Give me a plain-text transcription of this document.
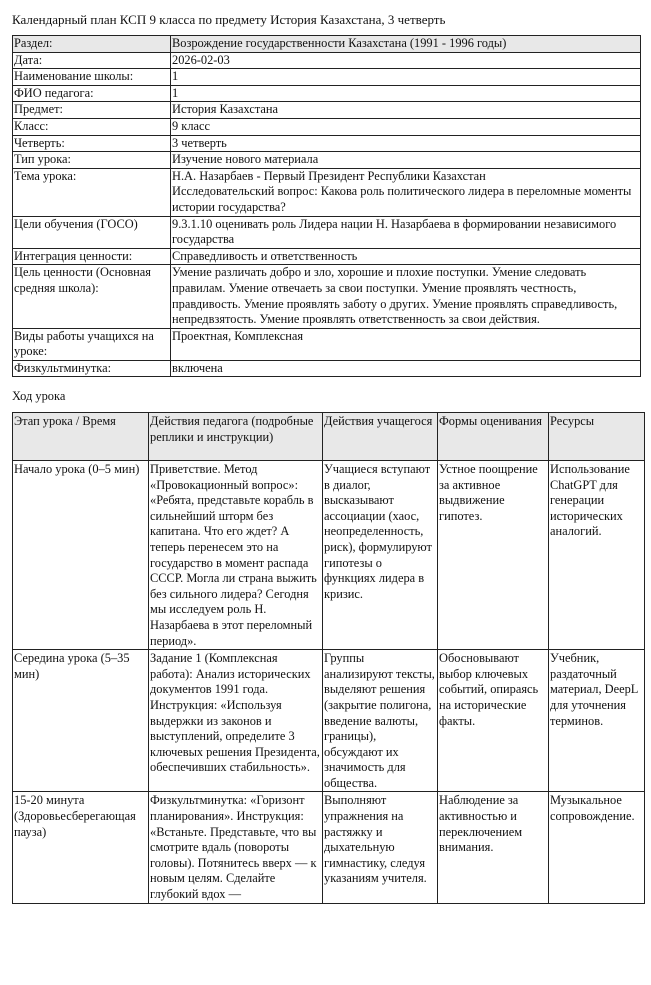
Календарный план КСП 9 класса по предмету История Казахстана, 3 четверть
Раздел:	Возрождение государственности Казахстана (1991 - 1996 годы)
Дата:	2026-02-03
Наименование школы:	1
ФИО педагога:	1
Предмет:	История Казахстана
Класс:	9 класс
Четверть:	3 четверть
Тип урока:	Изучение нового материала
Тема урока:	Н.А. Назарбаев - Первый Президент Республики Казахстан
Исследовательский вопрос: Какова роль политического лидера в переломные моменты истории государства?
Цели обучения (ГОСО)	9.3.1.10 оценивать роль Лидера нации Н. Назарбаева в формировании независимого государства
Интеграция ценности:	Справедливость и ответственность
Цель ценности (Основная средняя школа):	Умение различать добро и зло, хорошие и плохие поступки. Умение следовать правилам. Умение отвечаеть за свои поступки. Умение проявлять честность, правдивость. Умение проявлять заботу о других. Умение проявлять справедливость, непредвзятость. Умение проявлять ответственность за свои действия.
Виды работы учащихся на уроке:	Проектная, Комплексная
Физкультминутка:	включена
Ход урока
Этап урока / Время	Действия педагога (подробные реплики и инструкции)	Действия учащегося	Формы оценивания	Ресурсы
Начало урока (0–5 мин)	Приветствие. Метод «Провокационный вопрос»: «Ребята, представьте корабль в сильнейший шторм без капитана. Что его ждет? А теперь перенесем это на государство в момент распада СССР. Могла ли страна выжить без сильного лидера? Сегодня мы исследуем роль Н. Назарбаева в этот переломный период».	Учащиеся вступают в диалог, высказывают ассоциации (хаос, неопределенность, риск), формулируют гипотезы о функциях лидера в кризис.	Устное поощрение за активное выдвижение гипотез.	Использование ChatGPT для генерации исторических аналогий.
Середина урока (5–35 мин)	Задание 1 (Комплексная работа): Анализ исторических документов 1991 года. Инструкция: «Используя выдержки из законов и выступлений, определите 3 ключевых решения Президента, обеспечивших стабильность».	Группы анализируют тексты, выделяют решения (закрытие полигона, введение валюты, границы), обсуждают их значимость для общества.	Обосновывают выбор ключевых событий, опираясь на исторические факты.	Учебник, раздаточный материал, DeepL для уточнения терминов.
15-20 минута (Здоровьесберегающая пауза)	Физкультминутка: «Горизонт планирования». Инструкция: «Встаньте. Представьте, что вы смотрите вдаль (повороты головы). Потянитесь вверх — к новым целям. Сделайте глубокий вдох —	Выполняют упражнения на растяжку и дыхательную гимнастику, следуя указаниям учителя.	Наблюдение за активностью и переключением внимания.	Музыкальное сопровождение.
